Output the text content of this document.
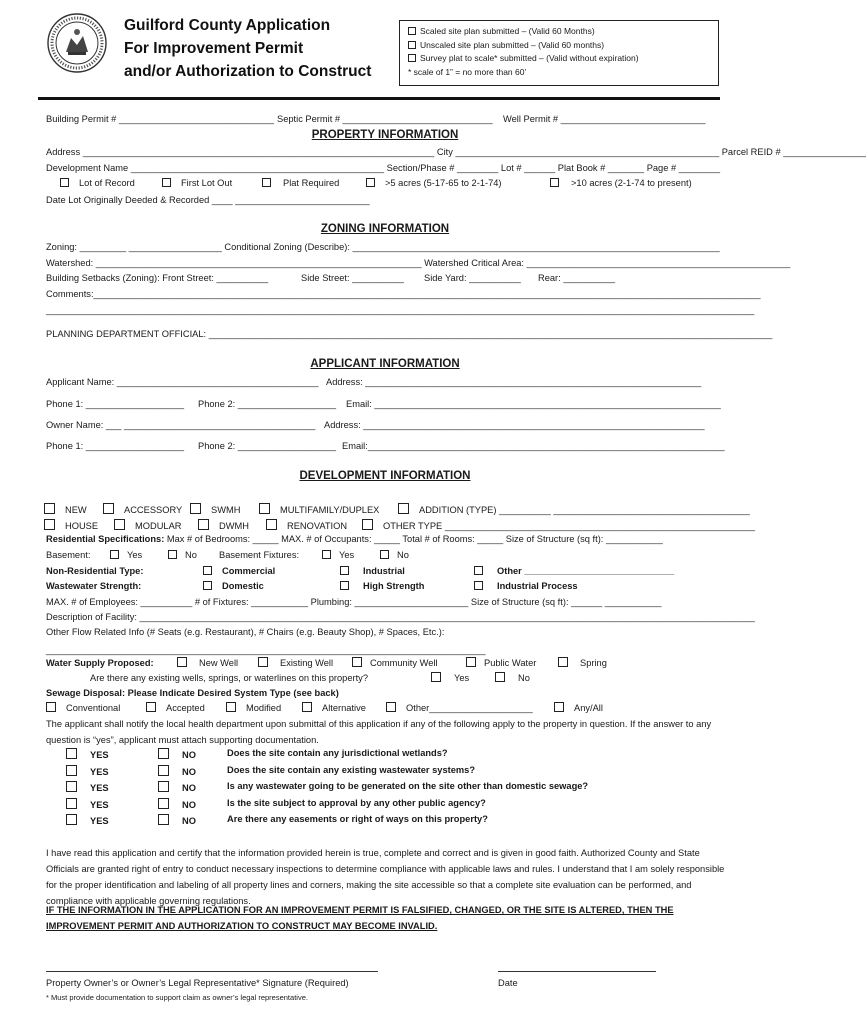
Guilford County Application
For Improvement Permit
and/or Authorization to Construct
Scaled site plan submitted – (Valid 60 Months)
Unscaled site plan submitted – (Valid 60 months)
Survey plat to scale* submitted – (Valid without expiration)
* scale of 1” = no more than 60’
Building Permit # ______________________________ Septic Permit # _____________________________ Well Permit # ____________________________
PROPERTY INFORMATION
Address ____________________________________________________________________ City ___________________________________________________ Parcel REID # ________________
Development Name _________________________________________________ Section/Phase # ________ Lot # ______ Plat Book # _______ Page # ________
Lot of Record	First Lot Out	Plat Required	>5 acres (5-17-65 to 2-1-74)	>10 acres (2-1-74 to present)
Date Lot Originally Deeded & Recorded ____ __________________________
ZONING INFORMATION
Zoning: _________ __________________ Conditional Zoning (Describe): _______________________________________________________________________
Watershed: _______________________________________________________________ Watershed Critical Area: ___________________________________________________
Building Setbacks (Zoning): Front Street: __________	Side Street: __________ Side Yard: __________ Rear: __________
Comments:_________________________________________________________________________________________________________________________________
_________________________________________________________________________________________________________________________________________
PLANNING DEPARTMENT OFFICIAL: _____________________________________________________________________________________________________________
APPLICANT INFORMATION
Applicant Name: _______________________________________ Address: _________________________________________________________________
Phone 1: ___________________ Phone 2: ___________________ Email: ___________________________________________________________________
Owner Name: ___ _____________________________________ Address: __________________________________________________________________
Phone 1: ___________________ Phone 2: ___________________ Email:_____________________________________________________________________
DEVELOPMENT INFORMATION
NEW	ACCESSORY	SWMH	MULTIFAMILY/DUPLEX	ADDITION (TYPE) __________ ______________________________________
HOUSE	MODULAR	DWMH	RENOVATION	OTHER TYPE ____________________________________________________________
Residential Specifications: Max # of Bedrooms: _____ MAX. # of Occupants: _____ Total # of Rooms: _____ Size of Structure (sq ft): ___________
Basement:	Yes	No Basement Fixtures:	Yes	No
Non-Residential Type:	Commercial	Industrial	Other _____________________________
Wastewater Strength:	Domestic	High Strength	Industrial Process
MAX. # of Employees: __________ # of Fixtures: ___________ Plumbing: ______________________ Size of Structure (sq ft): ______ ___________
Description of Facility: _______________________________________________________________________________________________________________________
Other Flow Related Info (# Seats (e.g. Restaurant), # Chairs (e.g. Beauty Shop), # Spaces, Etc.):
_____________________________________________________________________________________
Water Supply Proposed:	New Well	Existing Well	Community Well	Public Water	Spring
Are there any existing wells, springs, or waterlines on this property?	Yes	No
Sewage Disposal: Please Indicate Desired System Type (see back)
Conventional	Accepted	Modified	Alternative	Other____________________	Any/All
The applicant shall notify the local health department upon submittal of this application if any of the following apply to the property in question. If the answer to any question is “yes”, applicant must attach supporting documentation.
YES	NO	Does the site contain any jurisdictional wetlands?
YES	NO	Does the site contain any existing wastewater systems?
YES	NO	Is any wastewater going to be generated on the site other than domestic sewage?
YES	NO	Is the site subject to approval by any other public agency?
YES	NO	Are there any easements or right of ways on this property?
I have read this application and certify that the information provided herein is true, complete and correct and is given in good faith. Authorized County and State Officials are granted right of entry to conduct necessary inspections to determine compliance with applicable laws and rules. I understand that I am solely responsible for the proper identification and labeling of all property lines and corners, making the site accessible so that a complete site evaluation can be performed, and compliance with applicable governing regulations.
IF THE INFORMATION IN THE APPLICATION FOR AN IMPROVEMENT PERMIT IS FALSIFIED, CHANGED, OR THE SITE IS ALTERED, THEN THE IMPROVEMENT PERMIT AND AUTHORIZATION TO CONSTRUCT MAY BECOME INVALID.
Property Owner’s or Owner’s Legal Representative* Signature (Required)	Date
* Must provide documentation to support claim as owner’s legal representative.
